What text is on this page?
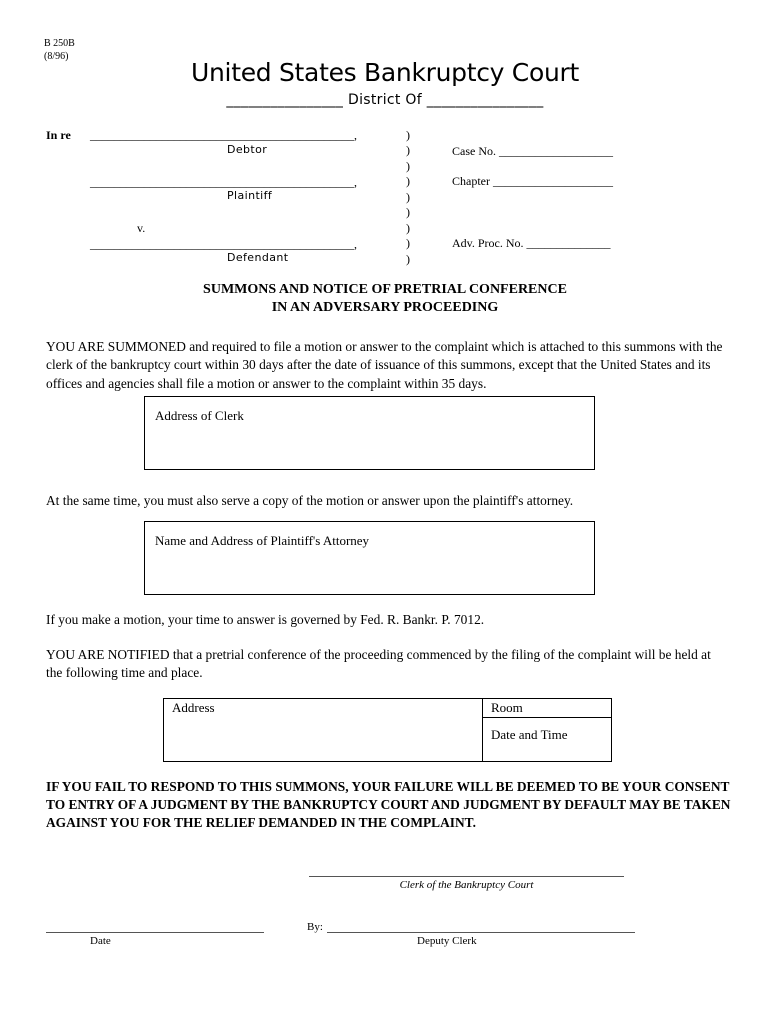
B 250B
(8/96)
United States Bankruptcy Court
________________ District Of ________________
In re ____________________________________________,
Debtor
____________________________________________,
Plaintiff
v.
____________________________________________,
Defendant
)
)
)
)
)
)
)
)
)
Case No. ___________________
Chapter ____________________
Adv. Proc. No. ______________
SUMMONS AND NOTICE OF PRETRIAL CONFERENCE
IN AN ADVERSARY PROCEEDING
YOU ARE SUMMONED and required to file a motion or answer to the complaint which is attached to this summons with the clerk of the bankruptcy court within 30 days after the date of issuance of this summons, except that the United States and its offices and agencies shall file a motion or answer to the complaint within 35 days.
Address of Clerk
At the same time, you must also serve a copy of the motion or answer upon the plaintiff's attorney.
Name and Address of Plaintiff's Attorney
If you make a motion, your time to answer is governed by Fed. R. Bankr. P. 7012.
YOU ARE NOTIFIED that a pretrial conference of the proceeding commenced by the filing of the complaint will be held at the following time and place.
Address	Room
Date and Time
IF YOU FAIL TO RESPOND TO THIS SUMMONS, YOUR FAILURE WILL BE DEEMED TO BE YOUR CONSENT TO ENTRY OF A JUDGMENT BY THE BANKRUPTCY COURT AND JUDGMENT BY DEFAULT MAY BE TAKEN AGAINST YOU FOR THE RELIEF DEMANDED IN THE COMPLAINT.
Clerk of the Bankruptcy Court
Date
By:
Deputy Clerk
